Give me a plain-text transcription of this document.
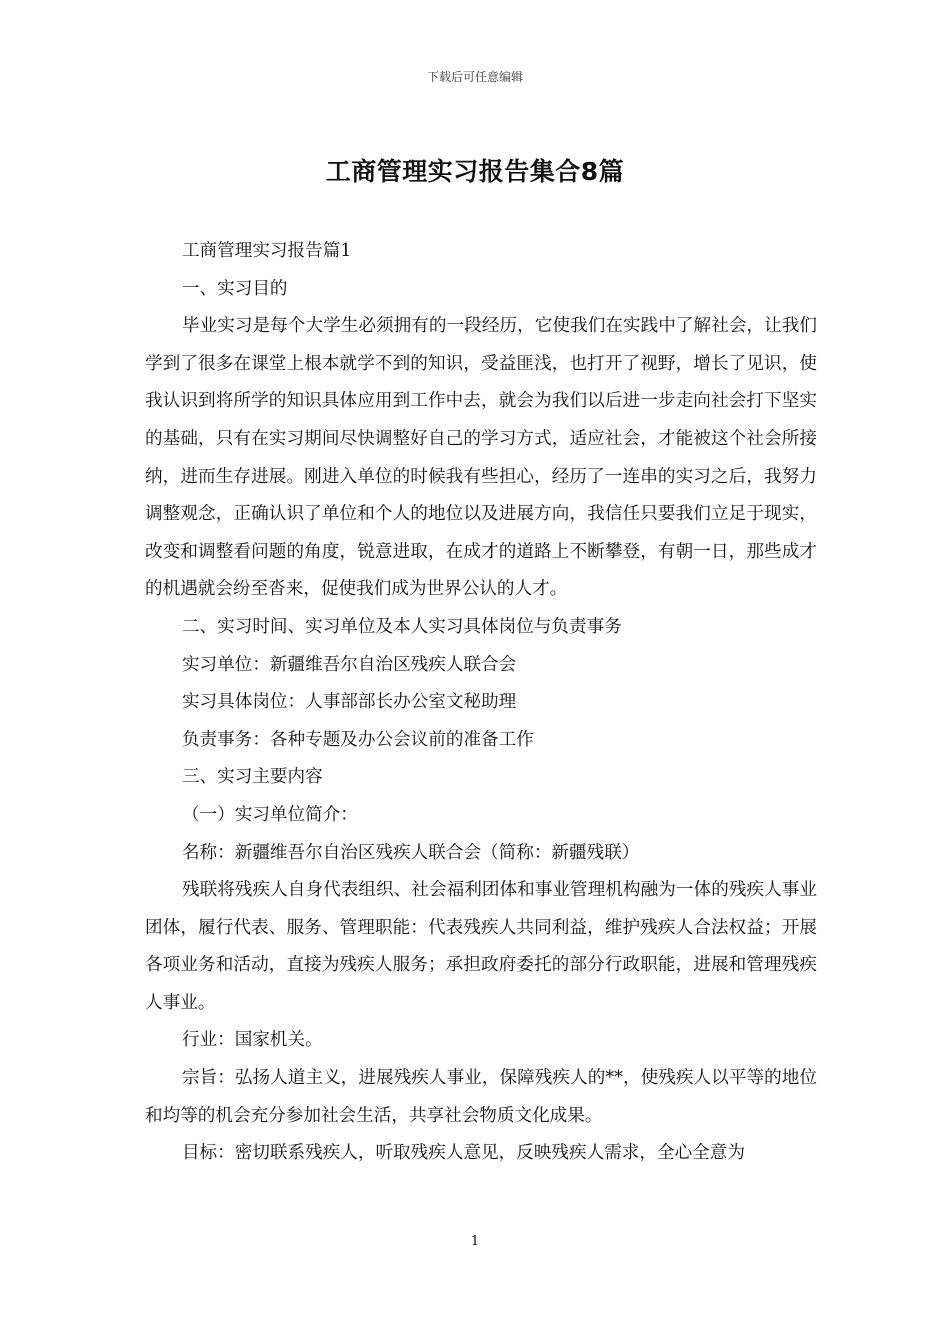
下载后可任意编辑
工商管理实习报告集合8篇

工商管理实习报告篇1

一、实习目的

毕业实习是每个大学生必须拥有的一段经历，它使我们在实践中了解社会，让我们学到了很多在课堂上根本就学不到的知识，受益匪浅，也打开了视野，增长了见识，使我认识到将所学的知识具体应用到工作中去，就会为我们以后进一步走向社会打下坚实的基础，只有在实习期间尽快调整好自己的学习方式，适应社会，才能被这个社会所接纳，进而生存进展。刚进入单位的时候我有些担心，经历了一连串的实习之后，我努力调整观念，正确认识了单位和个人的地位以及进展方向，我信任只要我们立足于现实，改变和调整看问题的角度，锐意进取，在成才的道路上不断攀登，有朝一日，那些成才的机遇就会纷至沓来，促使我们成为世界公认的人才。

二、实习时间、实习单位及本人实习具体岗位与负责事务

实习单位：新疆维吾尔自治区残疾人联合会

实习具体岗位：人事部部长办公室文秘助理

负责事务：各种专题及办公会议前的准备工作

三、实习主要内容

（一）实习单位简介：

名称：新疆维吾尔自治区残疾人联合会（简称：新疆残联）

残联将残疾人自身代表组织、社会福利团体和事业管理机构融为一体的残疾人事业团体，履行代表、服务、管理职能：代表残疾人共同利益，维护残疾人合法权益；开展各项业务和活动，直接为残疾人服务；承担政府委托的部分行政职能，进展和管理残疾人事业。

行业：国家机关。

宗旨：弘扬人道主义，进展残疾人事业，保障残疾人的**，使残疾人以平等的地位和均等的机会充分参加社会生活，共享社会物质文化成果。

目标：密切联系残疾人，听取残疾人意见，反映残疾人需求，全心全意为

1
